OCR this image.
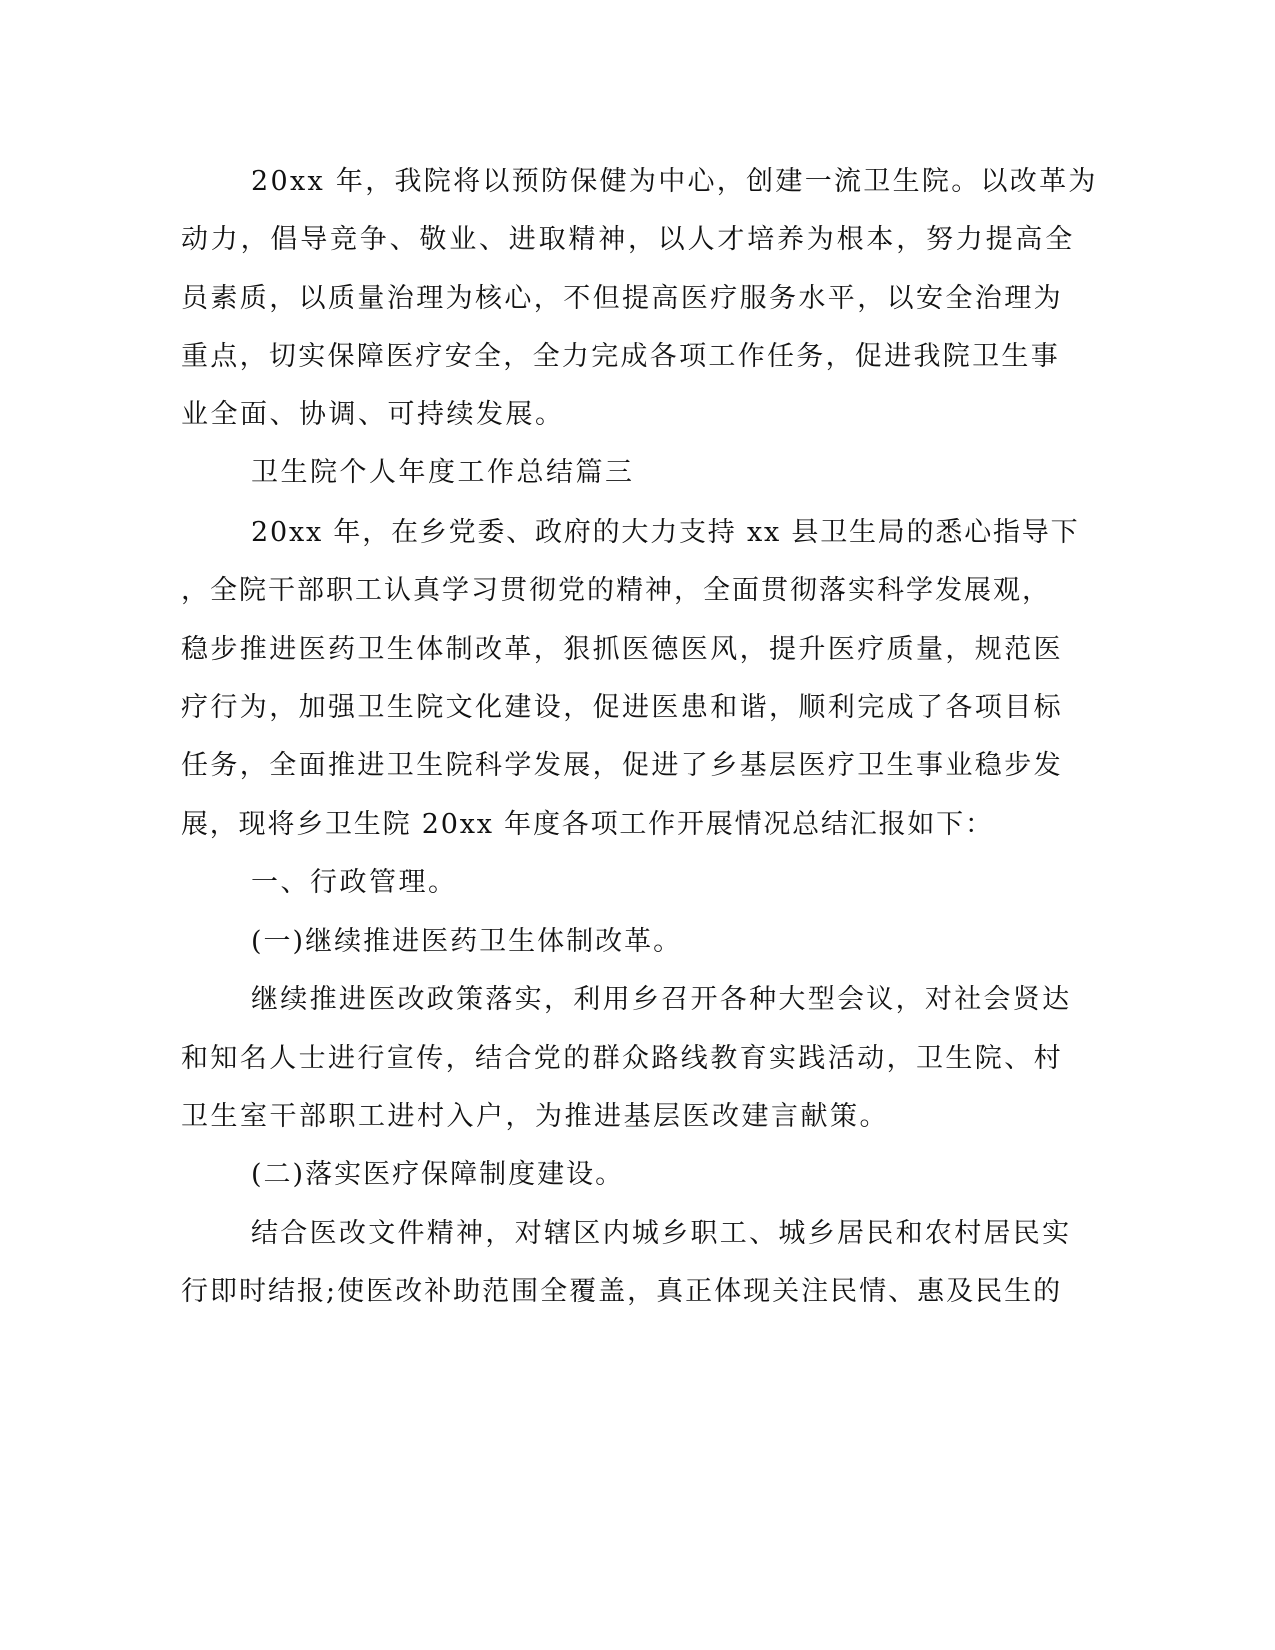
20xx 年，我院将以预防保健为中心，创建一流卫生院。以改革为

动力，倡导竞争、敬业、进取精神，以人才培养为根本，努力提高全

员素质，以质量治理为核心，不但提高医疗服务水平，以安全治理为

重点，切实保障医疗安全，全力完成各项工作任务，促进我院卫生事

业全面、协调、可持续发展。

卫生院个人年度工作总结篇三

20xx 年，在乡党委、政府的大力支持 xx 县卫生局的悉心指导下

，全院干部职工认真学习贯彻党的精神，全面贯彻落实科学发展观，

稳步推进医药卫生体制改革，狠抓医德医风，提升医疗质量，规范医

疗行为，加强卫生院文化建设，促进医患和谐，顺利完成了各项目标

任务，全面推进卫生院科学发展，促进了乡基层医疗卫生事业稳步发

展，现将乡卫生院 20xx 年度各项工作开展情况总结汇报如下：

一、行政管理。

(一)继续推进医药卫生体制改革。

继续推进医改政策落实，利用乡召开各种大型会议，对社会贤达

和知名人士进行宣传，结合党的群众路线教育实践活动，卫生院、村

卫生室干部职工进村入户，为推进基层医改建言献策。

(二)落实医疗保障制度建设。

结合医改文件精神，对辖区内城乡职工、城乡居民和农村居民实

行即时结报;使医改补助范围全覆盖，真正体现关注民情、惠及民生的
